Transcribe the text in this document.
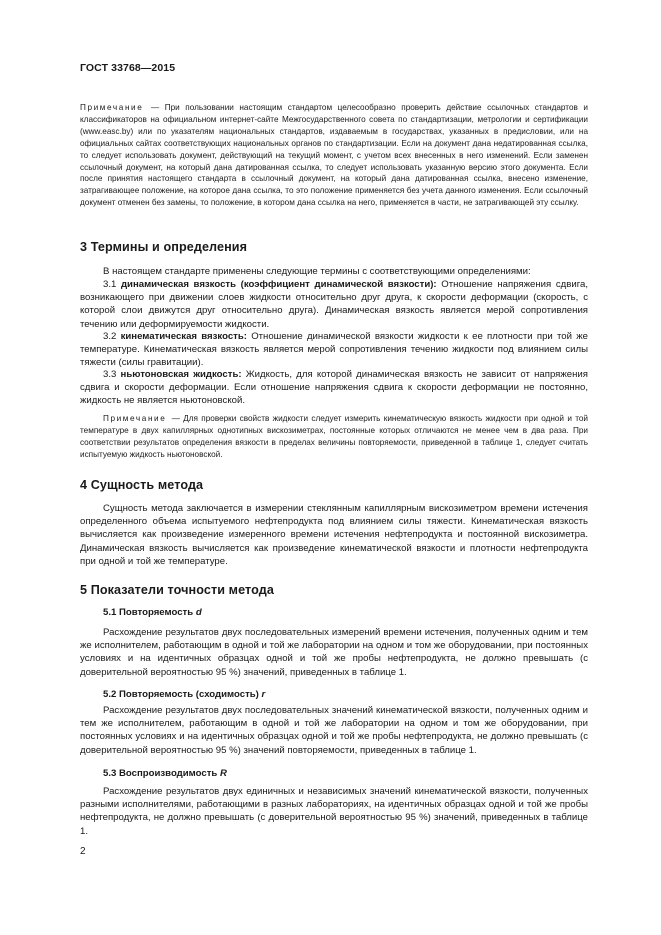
ГОСТ 33768—2015
Примечание — При пользовании настоящим стандартом целесообразно проверить действие ссылочных стандартов и классификаторов на официальном интернет-сайте Межгосударственного совета по стандартизации, метрологии и сертификации (www.easc.by) или по указателям национальных стандартов, издаваемым в государствах, указанных в предисловии, или на официальных сайтах соответствующих национальных органов по стандартизации. Если на документ дана недатированная ссылка, то следует использовать документ, действующий на текущий момент, с учетом всех внесенных в него изменений. Если заменен ссылочный документ, на который дана датированная ссылка, то следует использовать указанную версию этого документа. Если после принятия настоящего стандарта в ссылочный документ, на который дана датированная ссылка, внесено изменение, затрагивающее положение, на которое дана ссылка, то это положение применяется без учета данного изменения. Если ссылочный документ отменен без замены, то положение, в котором дана ссылка на него, применяется в части, не затрагивающей эту ссылку.
3 Термины и определения
В настоящем стандарте применены следующие термины с соответствующими определениями:
3.1 динамическая вязкость (коэффициент динамической вязкости): Отношение напряжения сдвига, возникающего при движении слоев жидкости относительно друг друга, к скорости деформации (скорость, с которой слои движутся друг относительно друга). Динамическая вязкость является мерой сопротивления течению или деформируемости жидкости.
3.2 кинематическая вязкость: Отношение динамической вязкости жидкости к ее плотности при той же температуре. Кинематическая вязкость является мерой сопротивления течению жидкости под влиянием силы тяжести (силы гравитации).
3.3 ньютоновская жидкость: Жидкость, для которой динамическая вязкость не зависит от напряжения сдвига и скорости деформации. Если отношение напряжения сдвига к скорости деформации не постоянно, жидкость не является ньютоновской.
Примечание — Для проверки свойств жидкости следует измерить кинематическую вязкость жидкости при одной и той температуре в двух капиллярных однотипных вискозиметрах, постоянные которых отличаются не менее чем в два раза. При соответствии результатов определения вязкости в пределах величины повторяемости, приведенной в таблице 1, следует считать испытуемую жидкость ньютоновской.
4 Сущность метода
Сущность метода заключается в измерении стеклянным капиллярным вискозиметром времени истечения определенного объема испытуемого нефтепродукта под влиянием силы тяжести. Кинематическая вязкость вычисляется как произведение измеренного времени истечения нефтепродукта и постоянной вискозиметра. Динамическая вязкость вычисляется как произведение кинематической вязкости и плотности нефтепродукта при одной и той же температуре.
5 Показатели точности метода
5.1 Повторяемость d
Расхождение результатов двух последовательных измерений времени истечения, полученных одним и тем же исполнителем, работающим в одной и той же лаборатории на одном и том же оборудовании, при постоянных условиях и на идентичных образцах одной и той же пробы нефтепродукта, не должно превышать (с доверительной вероятностью 95 %) значений, приведенных в таблице 1.
5.2 Повторяемость (сходимость) r
Расхождение результатов двух последовательных значений кинематической вязкости, полученных одним и тем же исполнителем, работающим в одной и той же лаборатории на одном и том же оборудовании, при постоянных условиях и на идентичных образцах одной и той же пробы нефтепродукта, не должно превышать (с доверительной вероятностью 95 %) значений повторяемости, приведенных в таблице 1.
5.3 Воспроизводимость R
Расхождение результатов двух единичных и независимых значений кинематической вязкости, полученных разными исполнителями, работающими в разных лабораториях, на идентичных образцах одной и той же пробы нефтепродукта, не должно превышать (с доверительной вероятностью 95 %) значений, приведенных в таблице 1.
2
